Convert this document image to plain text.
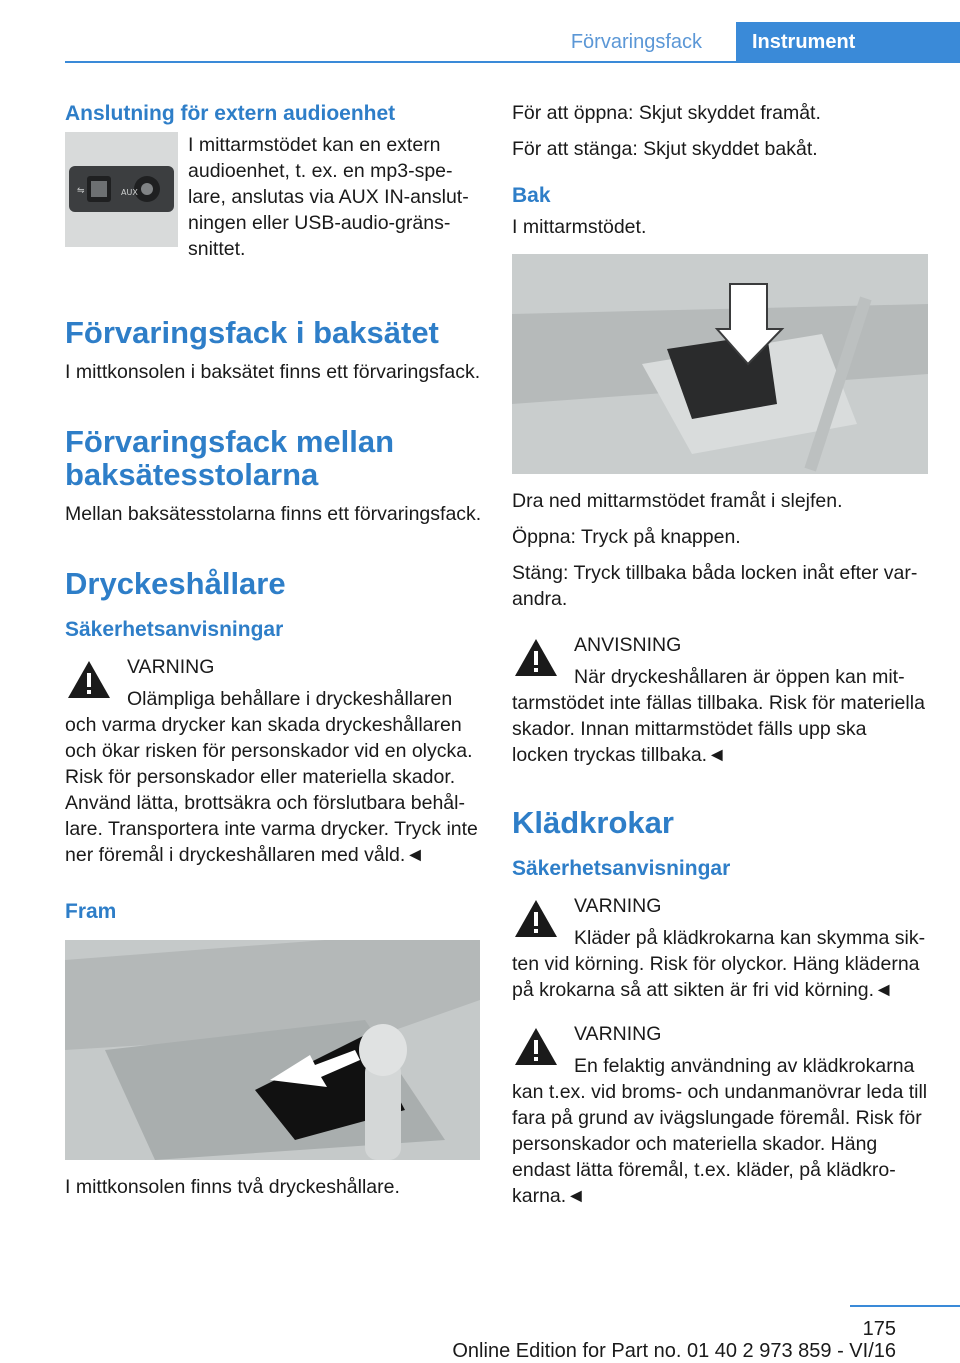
Förvaringsfack	Instrument
Anslutning för extern audioenhet
⇋	AUX

I mittarmstödet kan en extern audioenhet, t. ex. en mp3-spelare, anslutas via AUX IN-anslutningen eller USB-audio-gränssnittet.

Förvaringsfack i baksätet

I mittkonsolen i baksätet finns ett förvaringsfack.

Förvaringsfack mellan baksätesstolarna

Mellan baksätesstolarna finns ett förvaringsfack.

Dryckeshållare
Säkerhetsanvisningar

VARNING

Olämpliga behållare i dryckeshållaren och varma drycker kan skada dryckeshållaren och ökar risken för personskador vid en olycka. Risk för personskador eller materiella skador. Använd lätta, brottsäkra och förslutbara behållare. Transportera inte varma drycker. Tryck inte ner föremål i dryckeshållaren med våld.◄

Fram

I mittkonsolen finns två dryckeshållare.

För att öppna: Skjut skyddet framåt.

För att stänga: Skjut skyddet bakåt.

Bak

I mittarmstödet.

Dra ned mittarmstödet framåt i slejfen.

Öppna: Tryck på knappen.

Stäng: Tryck tillbaka båda locken inåt efter varandra.

ANVISNING

När dryckeshållaren är öppen kan mittarmstödet inte fällas tillbaka. Risk för materiella skador. Innan mittarmstödet fälls upp ska locken tryckas tillbaka.◄

Klädkrokar
Säkerhetsanvisningar

VARNING

Kläder på klädkrokarna kan skymma sikten vid körning. Risk för olyckor. Häng kläderna på krokarna så att sikten är fri vid körning.◄

VARNING

En felaktig användning av klädkrokarna kan t.ex. vid broms- och undanmanövrar leda till fara på grund av ivägslungade föremål. Risk för personskador och materiella skador. Häng endast lätta föremål, t.ex. kläder, på klädkrokarna.◄

175
Online Edition for Part no. 01 40 2 973 859 - VI/16
